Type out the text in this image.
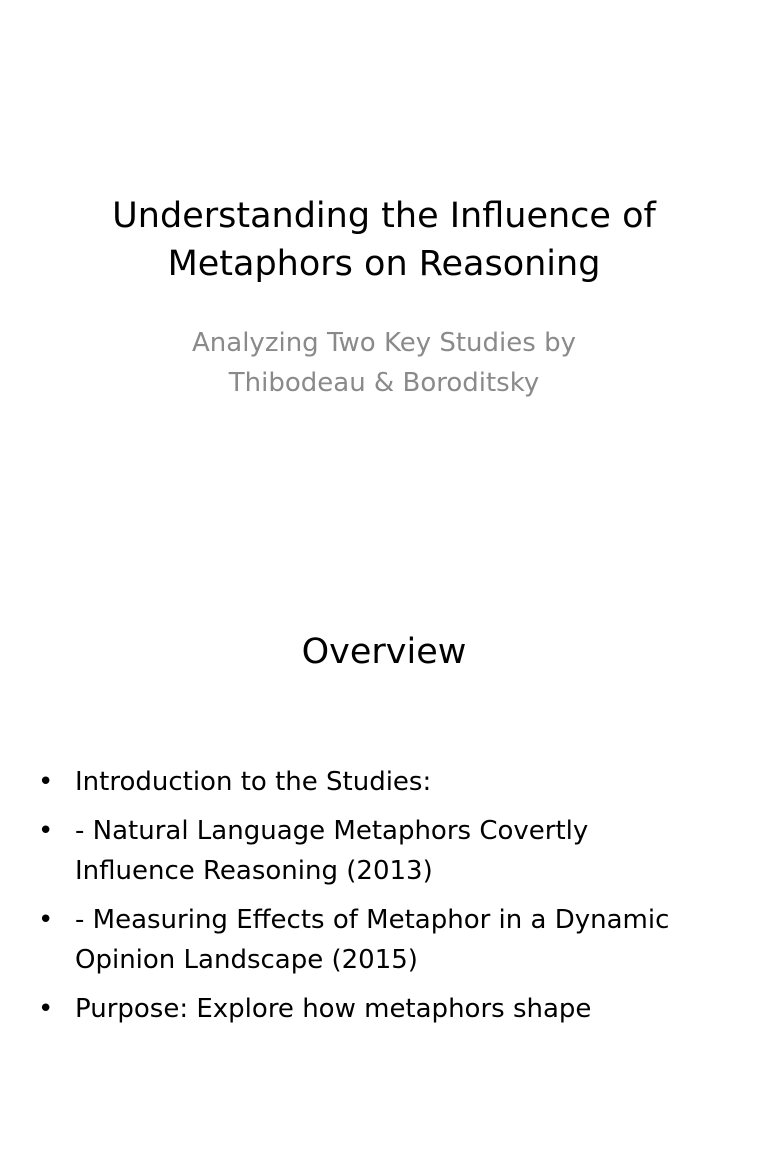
Understanding the Influence of
Metaphors on Reasoning
Analyzing Two Key Studies by
Thibodeau & Boroditsky
Overview
• Introduction to the Studies:
• - Natural Language Metaphors Covertly
Influence Reasoning (2013)
• - Measuring Effects of Metaphor in a Dynamic
Opinion Landscape (2015)
• Purpose: Explore how metaphors shape
